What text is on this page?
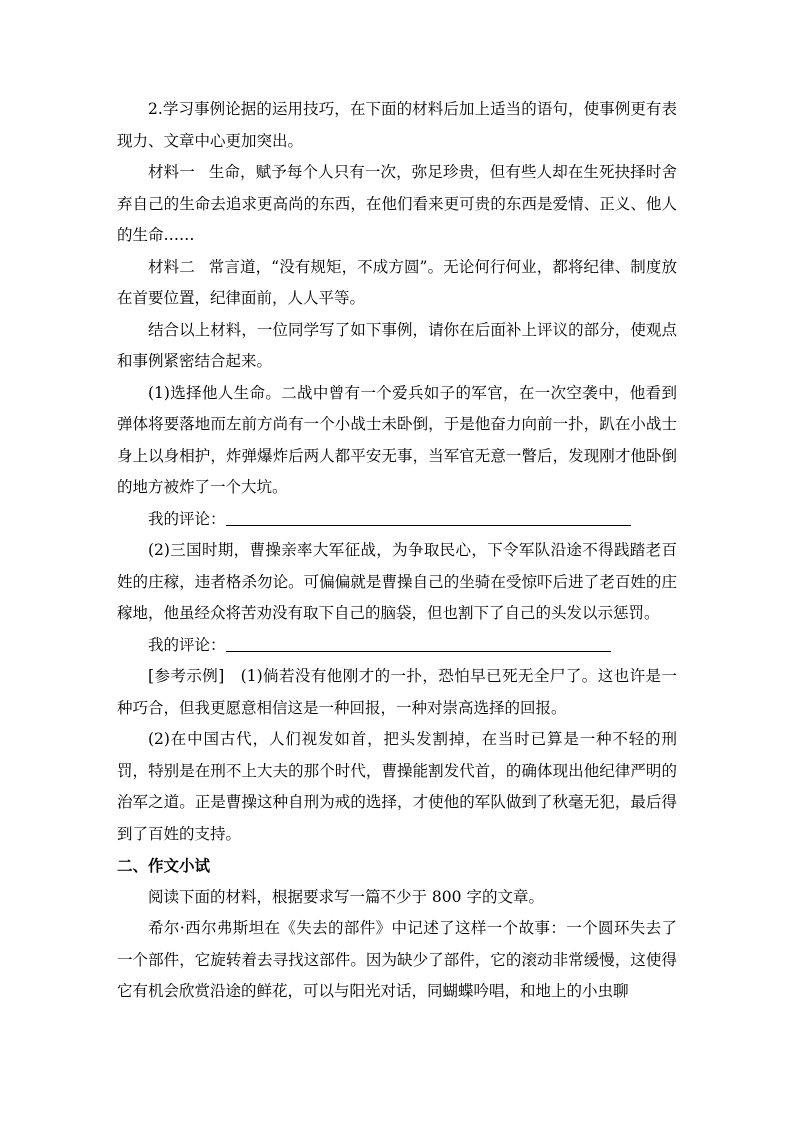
2.学习事例论据的运用技巧，在下面的材料后加上适当的语句，使事例更有表现力、文章中心更加突出。

材料一 生命，赋予每个人只有一次，弥足珍贵，但有些人却在生死抉择时舍弃自己的生命去追求更高尚的东西，在他们看来更可贵的东西是爱情、正义、他人的生命……

材料二 常言道，“没有规矩，不成方圆”。无论何行何业，都将纪律、制度放在首要位置，纪律面前，人人平等。

结合以上材料，一位同学写了如下事例，请你在后面补上评议的部分，使观点和事例紧密结合起来。

(1)选择他人生命。二战中曾有一个爱兵如子的军官，在一次空袭中，他看到弹体将要落地而左前方尚有一个小战士未卧倒，于是他奋力向前一扑，趴在小战士身上以身相护，炸弹爆炸后两人都平安无事，当军官无意一瞥后，发现刚才他卧倒的地方被炸了一个大坑。

我的评论：

(2)三国时期，曹操亲率大军征战，为争取民心，下令军队沿途不得践踏老百姓的庄稼，违者格杀勿论。可偏偏就是曹操自己的坐骑在受惊吓后进了老百姓的庄稼地，他虽经众将苦劝没有取下自己的脑袋，但也割下了自己的头发以示惩罚。

我的评论：

[参考示例]　(1)倘若没有他刚才的一扑，恐怕早已死无全尸了。这也许是一种巧合，但我更愿意相信这是一种回报，一种对崇高选择的回报。

(2)在中国古代，人们视发如首，把头发割掉，在当时已算是一种不轻的刑罚，特别是在刑不上大夫的那个时代，曹操能割发代首，的确体现出他纪律严明的治军之道。正是曹操这种自刑为戒的选择，才使他的军队做到了秋毫无犯，最后得到了百姓的支持。

二、作文小试

阅读下面的材料，根据要求写一篇不少于 800 字的文章。

希尔·西尔弗斯坦在《失去的部件》中记述了这样一个故事：一个圆环失去了一个部件，它旋转着去寻找这部件。因为缺少了部件，它的滚动非常缓慢，这使得它有机会欣赏沿途的鲜花，可以与阳光对话，同蝴蝶吟唱，和地上的小虫聊
